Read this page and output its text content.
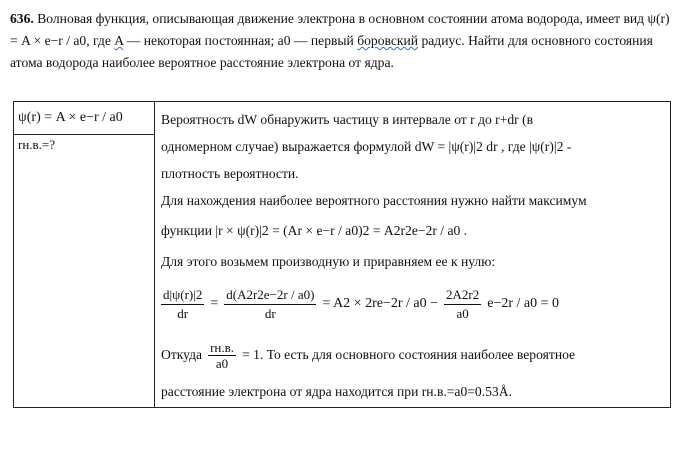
636. Волновая функция, описывающая движение электрона в основном состоянии атома водорода, имеет вид ψ(r) = A × e−r / a0, где A — некоторая постоянная; a0 — первый боровский радиус. Найти для основного состояния атома водорода наиболее вероятное расстояние электрона от ядра.
ψ(r) = A × e−r / a0
rн.в.=?

Вероятность dW обнаружить частицу в интервале от r до r+dr (в
одномерном случае) выражается формулой dW = |ψ(r)|2 dr , где |ψ(r)|2 -
плотность вероятности.
Для нахождения наиболее вероятного расстояния нужно найти максимум
функции |r × ψ(r)|2 = (Ar × e−r / a0)2 = A2r2e−2r / a0 .
Для этого возьмем производную и приравняем ее к нулю:
$\frac{d|\psi(r)|2}{dr} = \frac{d(A2r2e-2r / a0)}{dr} = A2 \times 2re-2r / a0 - \frac{2A2r2}{a0} e-2r / a0 = 0$
Откуда $\frac{rн.в.}{a0} = 1$. То есть для основного состояния наиболее вероятное
расстояние электрона от ядра находится при rн.в.=a0=0.53Å.
